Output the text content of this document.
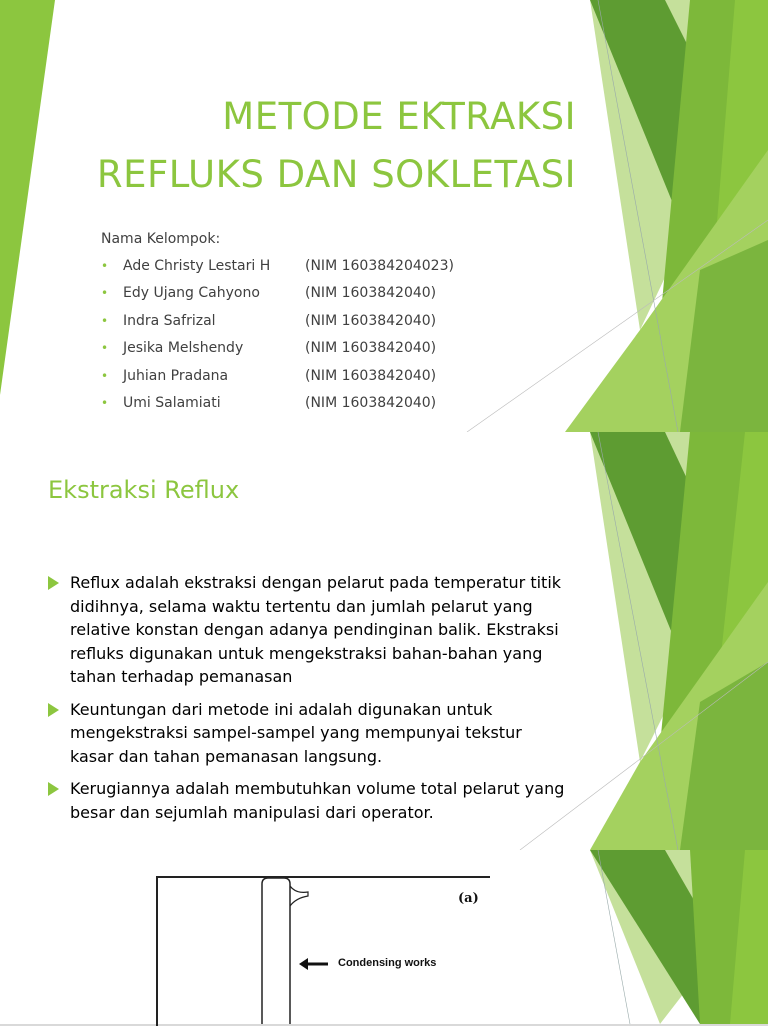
METODE EKTRAKSI
REFLUKS DAN SOKLETASI
Nama Kelompok:
• Ade Christy Lestari H (NIM 160384204023)
• Edy Ujang Cahyono	(NIM 1603842040)
• Indra Safrizal	(NIM 1603842040)
• Jesika Melshendy	(NIM 1603842040)
• Juhian Pradana	(NIM 1603842040)
• Umi Salamiati	(NIM 1603842040)
Ekstraksi Reflux
Reflux adalah ekstraksi dengan pelarut pada temperatur titik didihnya, selama waktu tertentu dan jumlah pelarut yang relative konstan dengan adanya pendinginan balik. Ekstraksi refluks digunakan untuk mengekstraksi bahan-bahan yang tahan terhadap pemanasan
Keuntungan dari metode ini adalah digunakan untuk mengekstraksi sampel-sampel yang mempunyai tekstur kasar dan tahan pemanasan langsung.
Kerugiannya adalah membutuhkan volume total pelarut yang besar dan sejumlah manipulasi dari operator.
(a)
Condensing works
